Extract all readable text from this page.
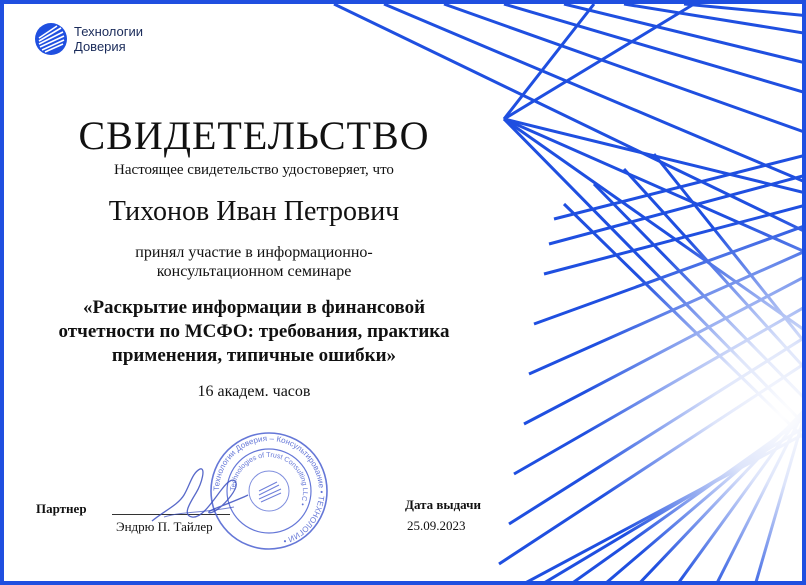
Технологии
Доверия
СВИДЕТЕЛЬСТВО
Настоящее свидетельство удостоверяет, что
Тихонов Иван Петрович
принял участие в информационно-консультационном семинаре
«Раскрытие информации в финансовой отчетности по МСФО: требования, практика применения, типичные ошибки»
16 академ. часов
Партнер
Эндрю П. Тайлер
Технологии Доверия – Консультирование • ТЕХНОЛОГИИ •
Technologies of Trust Consulting LLC •	Дата выдачи
25.09.2023
